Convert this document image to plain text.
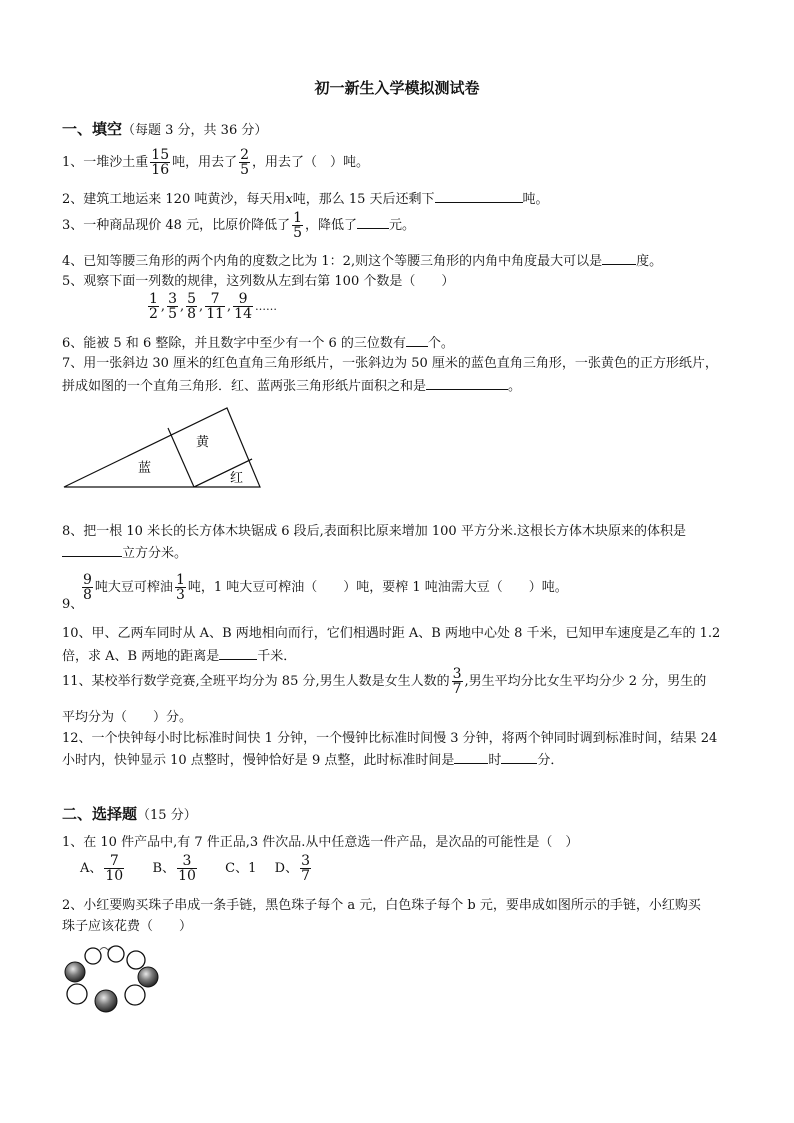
初一新生入学模拟测试卷
一、填空（每题 3 分，共 36 分）
1、一堆沙土重 $\frac{15}{16}$ 吨，用去了 $\frac{2}{5}$ ，用去了（　）吨。
2、建筑工地运来 120 吨黄沙，每天用x吨，那么 15 天后还剩下	吨。
3、一种商品现价 48 元，比原价降低了 $\frac{1}{5}$ ，降低了 元。
4、已知等腰三角形的两个内角的度数之比为 1：2,则这个等腰三角形的内角中角度最大可以是	度。
5、观察下面一列数的规律，这列数从左到右第 100 个数是（　　）
$\frac{1}{2}$ , $\frac{3}{5}$ , $\frac{5}{8}$ , $\frac{7}{11}$ , $\frac{9}{14}$ ……
6、能被 5 和 6 整除，并且数字中至少有一个 6 的三位数有 个。
7、用一张斜边 30 厘米的红色直角三角形纸片，一张斜边为 50 厘米的蓝色直角三角形，一张黄色的正方形纸片，
拼成如图的一个直角三角形．红、蓝两张三角形纸片面积之和是	。
黄
蓝
红
8、把一根 10 米长的长方体木块锯成 6 段后,表面积比原来增加 100 平方分米.这根长方体木块原来的体积是
立方分米。
9、
$\frac{9}{8}$ 吨大豆可榨油 $\frac{1}{3}$ 吨，1 吨大豆可榨油（　　）吨，要榨 1 吨油需大豆（　　）吨。
10、甲、乙两车同时从 A、B 两地相向而行，它们相遇时距 A、B 两地中心处 8 千米，已知甲车速度是乙车的 1.2
倍，求 A、B 两地的距离是	千米．
11、某校举行数学竞赛,全班平均分为 85 分,男生人数是女生人数的 $\frac{3}{7}$ ,男生平均分比女生平均分少 2 分，男生的
平均分为（　　）分。
12、一个快钟每小时比标准时间快 1 分钟，一个慢钟比标准时间慢 3 分钟，将两个钟同时调到标准时间，结果 24
小时内，快钟显示 10 点整时，慢钟恰好是 9 点整，此时标准时间是	时	分．
二、选择题（15 分）
1、在 10 件产品中,有 7 件正品,3 件次品.从中任意选一件产品，是次品的可能性是（　）
A、 $\frac{7}{10}$ B、 $\frac{3}{10}$ C、1 D、 $\frac{3}{7}$
2、小红要购买珠子串成一条手链，黑色珠子每个 a 元，白色珠子每个 b 元，要串成如图所示的手链，小红购买
珠子应该花费（　　）
